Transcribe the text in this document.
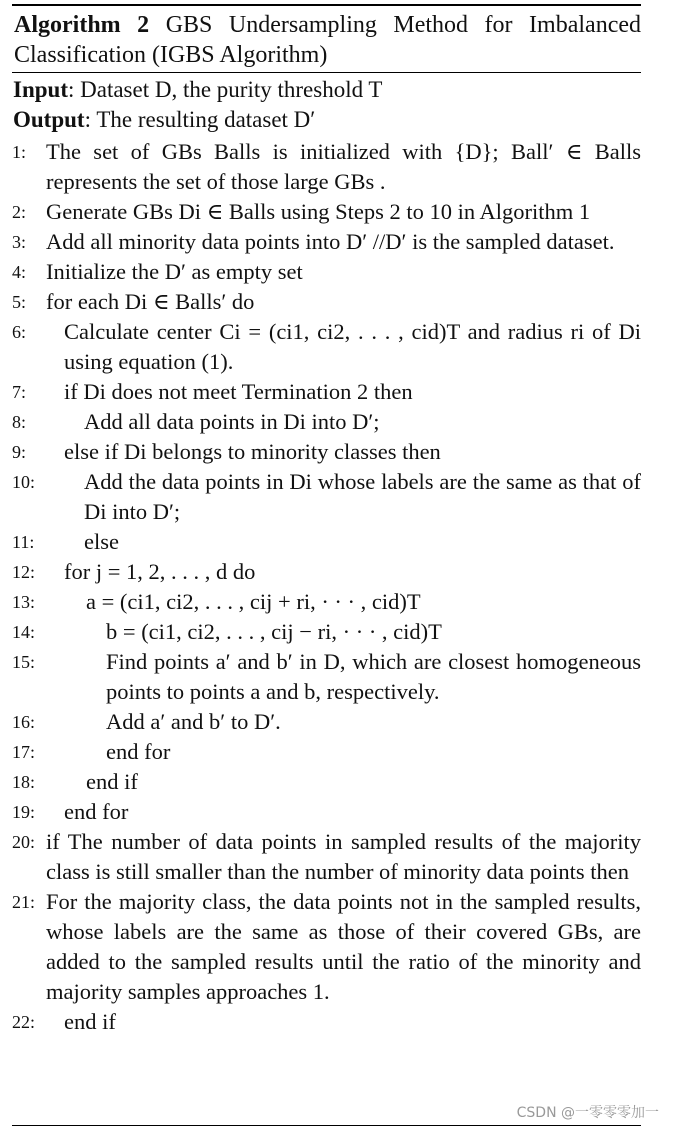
Algorithm 2 GBS Undersampling Method for Imbalanced Classification (IGBS Algorithm)
Input: Dataset D, the purity threshold T
Output: The resulting dataset D′
1: The set of GBs Balls is initialized with {D}; Ball′ ∈ Balls represents the set of those large GBs .
2: Generate GBs Di ∈ Balls using Steps 2 to 10 in Algorithm 1
3: Add all minority data points into D′ //D′ is the sampled dataset.
4: Initialize the D′ as empty set
5: for each Di ∈ Balls′ do
6: Calculate center Ci = (ci1, ci2, . . . , cid)T and radius ri of Di using equation (1).
7: if Di does not meet Termination 2 then
8:	Add all data points in Di into D′;
9: else if Di belongs to minority classes then
10: Add the data points in Di whose labels are the same as that of Di into D′;
11: else
12: for j = 1, 2, . . . , d do
13: a = (ci1, ci2, . . . , cij + ri, · · · , cid)T
14:	b = (ci1, ci2, . . . , cij − ri, · · · , cid)T
15:	Find points a′ and b′ in D, which are closest homogeneous points to points a and b, respectively.
16:	Add a′ and b′ to D′.
17:	end for
18: end if
19: end for
20: if The number of data points in sampled results of the majority class is still smaller than the number of minority data points then
21: For the majority class, the data points not in the sampled results, whose labels are the same as those of their covered GBs, are added to the sampled results until the ratio of the minority and majority samples approaches 1.
22: end if
CSDN @一零零零加一
